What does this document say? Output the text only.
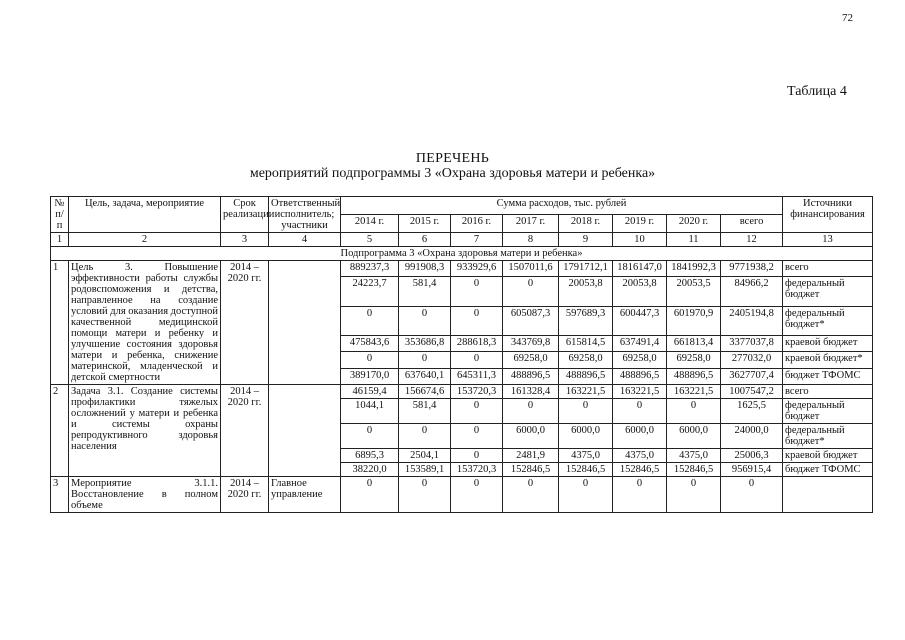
72
Таблица 4
ПЕРЕЧЕНЬ
мероприятий подпрограммы 3 «Охрана здоровья матери и ребенка»
№ п/п	Цель, задача, мероприятие	Срок реализации	Ответственный исполнитель; участники	Сумма расходов, тыс. рублей								Источники финансирования
				2014 г.	2015 г.	2016 г.	2017 г.	2018 г.	2019 г.	2020 г.	всего	
1	2	3	4	5	6	7	8	9	10	11	12	13
Подпрограмма 3 «Охрана здоровья матери и ребенка»												
1	Цель 3. Повышение эффективности работы службы родовспоможения и детства, направленное на создание условий для оказания доступной качественной медицинской помощи матери и ребенку и улучшение состояния здоровья матери и ребенка, снижение материнской, младенческой и детской смертности	2014 – 2020 гг.		889237,3	991908,3	933929,6	1507011,6	1791712,1	1816147,0	1841992,3	9771938,2	всего
				24223,7	581,4	0	0	20053,8	20053,8	20053,5	84966,2	федеральный бюджет
				0	0	0	605087,3	597689,3	600447,3	601970,9	2405194,8	федеральный бюджет*
				475843,6	353686,8	288618,3	343769,8	615814,5	637491,4	661813,4	3377037,8	краевой бюджет
				0	0	0	69258,0	69258,0	69258,0	69258,0	277032,0	краевой бюджет*
				389170,0	637640,1	645311,3	488896,5	488896,5	488896,5	488896,5	3627707,4	бюджет ТФОМС
2	Задача 3.1. Создание системы профилактики тяжелых осложнений у матери и ребенка и системы охраны репродуктивного здоровья населения	2014 – 2020 гг.		46159,4	156674,6	153720,3	161328,4	163221,5	163221,5	163221,5	1007547,2	всего
				1044,1	581,4	0	0	0	0	0	1625,5	федеральный бюджет
				0	0	0	6000,0	6000,0	6000,0	6000,0	24000,0	федеральный бюджет*
				6895,3	2504,1	0	2481,9	4375,0	4375,0	4375,0	25006,3	краевой бюджет
				38220,0	153589,1	153720,3	152846,5	152846,5	152846,5	152846,5	956915,4	бюджет ТФОМС
3	Мероприятие 3.1.1. Восстановление в полном объеме	2014 – 2020 гг.	Главное управление	0	0	0	0	0	0	0	0	
